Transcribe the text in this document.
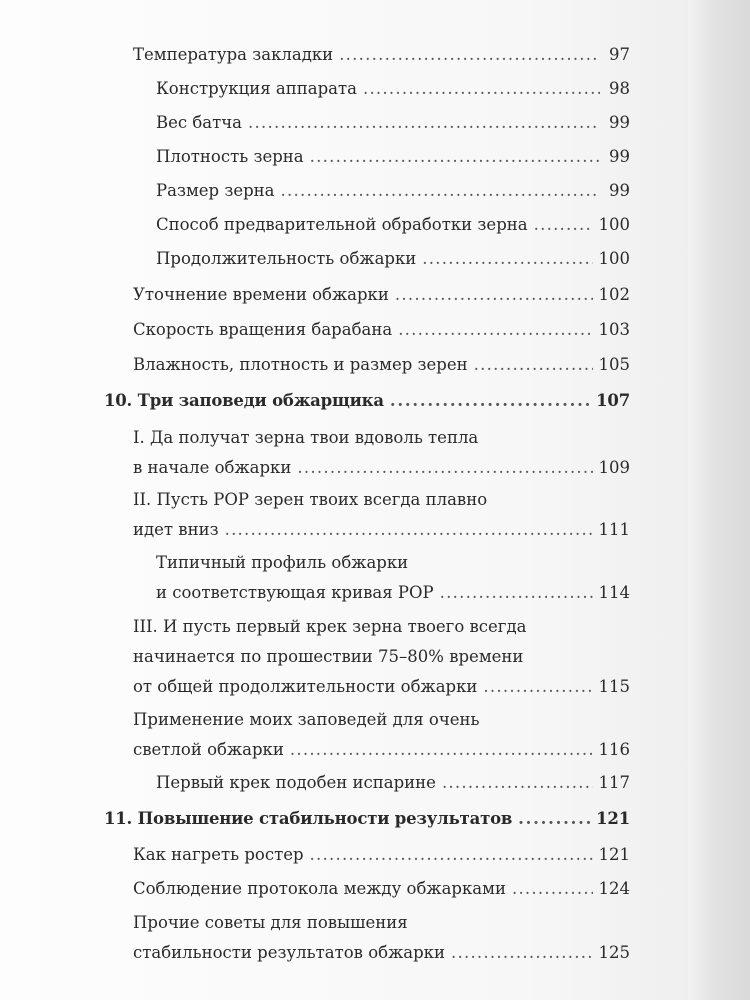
Температура закладки . . .	97
Конструкция аппарата . . .	98
Вес батча . . .	99
Плотность зерна . . .	99
Размер зерна . . .	99
Способ предварительной обработки зерна . . .	100
Продолжительность обжарки . . .	100
Уточнение времени обжарки . . .	102
Скорость вращения барабана . . .	103
Влажность, плотность и размер зерен . . .	105
10. Три заповеди обжарщика . . .	107
I. Да получат зерна твои вдоволь тепла
в начале обжарки . . .	109
II. Пусть РОР зерен твоих всегда плавно
идет вниз . . .	111
Типичный профиль обжарки
и соответствующая кривая РОР . . .	114
III. И пусть первый крек зерна твоего всегда
начинается по прошествии 75–80% времени
от общей продолжительности обжарки . . .	115
Применение моих заповедей для очень
светлой обжарки . . .	116
Первый крек подобен испарине . . .	117
11. Повышение стабильности результатов . . .	121
Как нагреть ростер . . .	121
Соблюдение протокола между обжарками . . .	124
Прочие советы для повышения
стабильности результатов обжарки . . .	125
